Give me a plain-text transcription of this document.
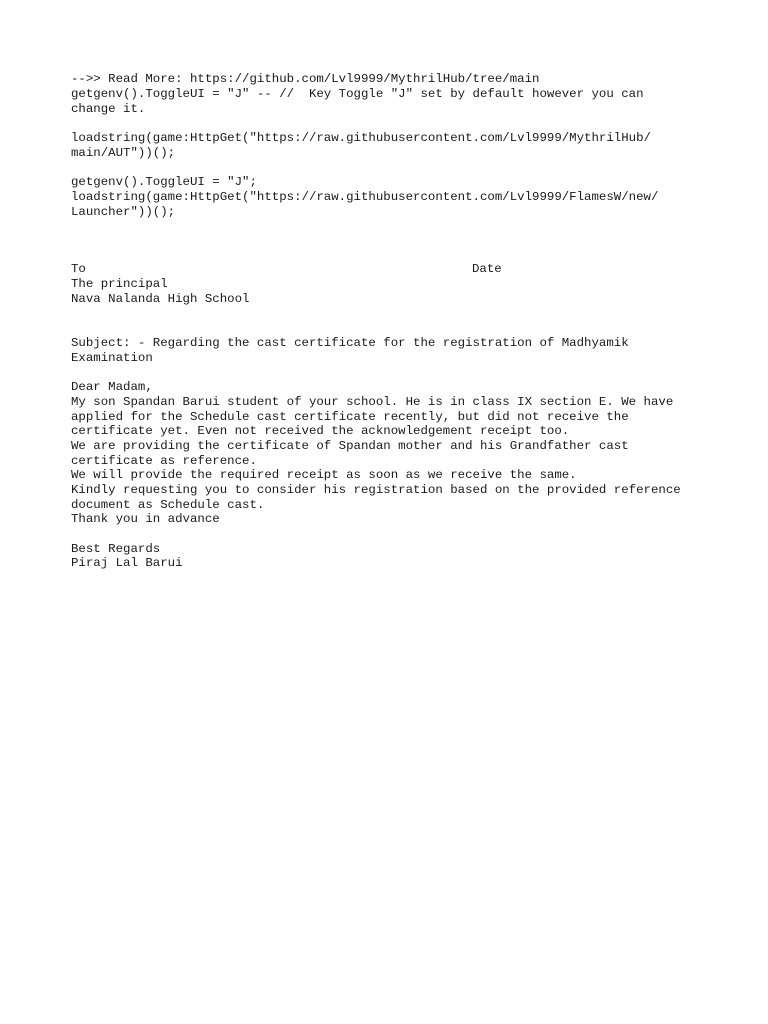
-->> Read More: https://github.com/Lvl9999/MythrilHub/tree/main
getgenv().ToggleUI = "J" -- //  Key Toggle "J" set by default however you can
change it.
loadstring(game:HttpGet("https://raw.githubusercontent.com/Lvl9999/MythrilHub/
main/AUT"))();
getgenv().ToggleUI = "J";
loadstring(game:HttpGet("https://raw.githubusercontent.com/Lvl9999/FlamesW/new/
Launcher"))();
To	Date
The principal
Nava Nalanda High School
Subject: - Regarding the cast certificate for the registration of Madhyamik
Examination
Dear Madam,
My son Spandan Barui student of your school. He is in class IX section E. We have
applied for the Schedule cast certificate recently, but did not receive the
certificate yet. Even not received the acknowledgement receipt too.
We are providing the certificate of Spandan mother and his Grandfather cast
certificate as reference.
We will provide the required receipt as soon as we receive the same.
Kindly requesting you to consider his registration based on the provided reference
document as Schedule cast.
Thank you in advance
Best Regards
Piraj Lal Barui
